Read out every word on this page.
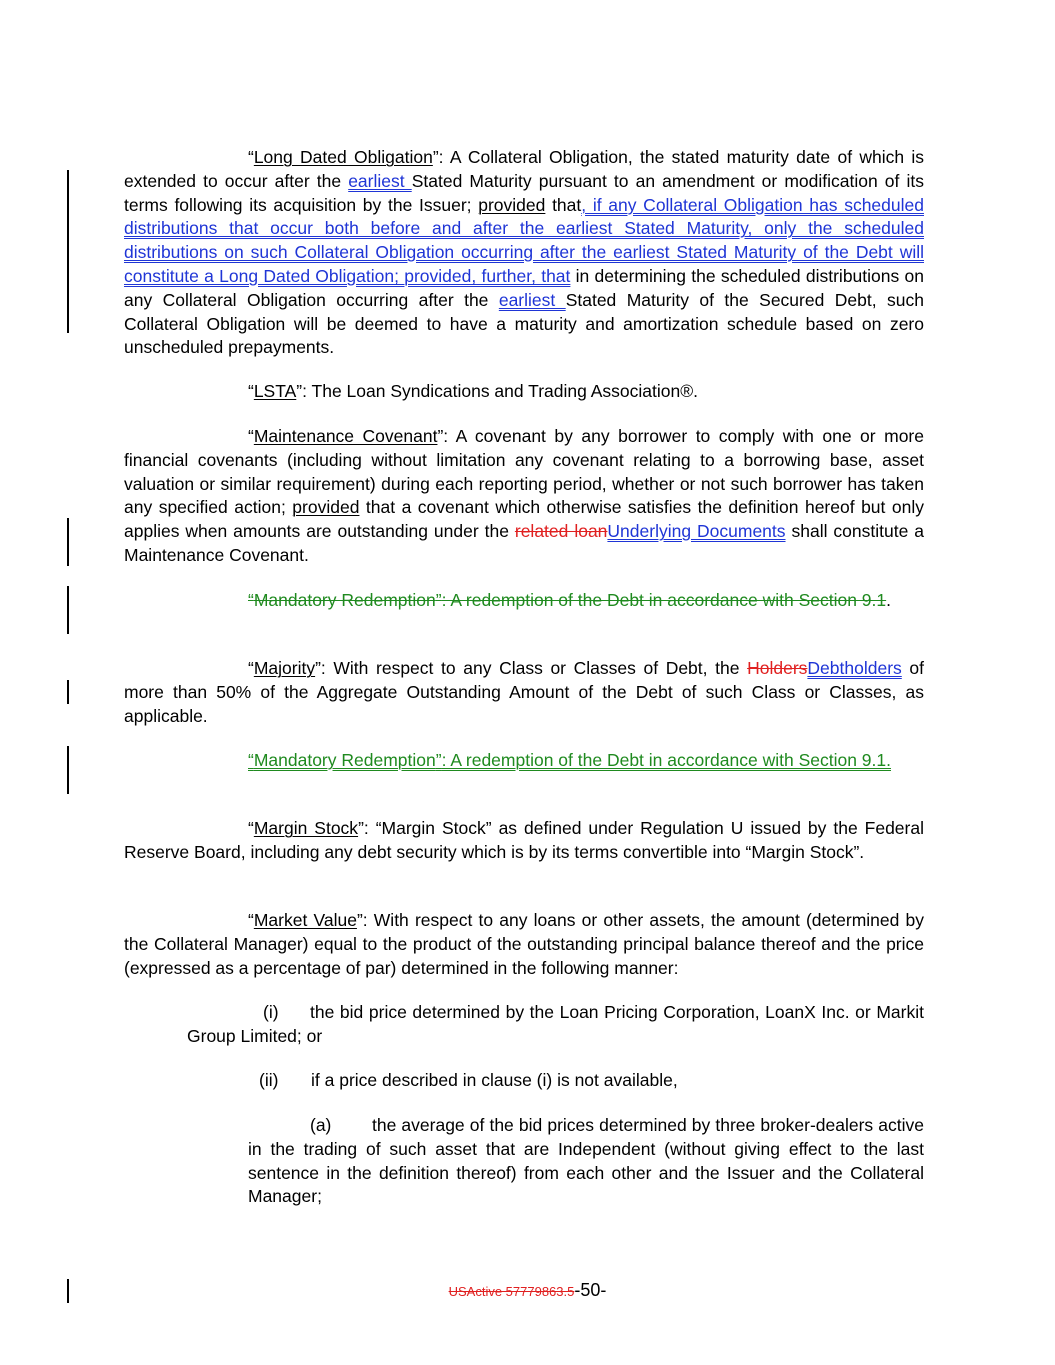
“Long Dated Obligation”: A Collateral Obligation, the stated maturity date of which is extended to occur after the earliest Stated Maturity pursuant to an amendment or modification of its terms following its acquisition by the Issuer; provided that, if any Collateral Obligation has scheduled distributions that occur both before and after the earliest Stated Maturity, only the scheduled distributions on such Collateral Obligation occurring after the earliest Stated Maturity of the Debt will constitute a Long Dated Obligation; provided, further, that in determining the scheduled distributions on any Collateral Obligation occurring after the earliest Stated Maturity of the Secured Debt, such Collateral Obligation will be deemed to have a maturity and amortization schedule based on zero unscheduled prepayments.

“LSTA”: The Loan Syndications and Trading Association®.

“Maintenance Covenant”: A covenant by any borrower to comply with one or more financial covenants (including without limitation any covenant relating to a borrowing base, asset valuation or similar requirement) during each reporting period, whether or not such borrower has taken any specified action; provided that a covenant which otherwise satisfies the definition hereof but only applies when amounts are outstanding under the related loanUnderlying Documents shall constitute a Maintenance Covenant.

“Mandatory Redemption”: A redemption of the Debt in accordance with Section 9.1.

“Majority”: With respect to any Class or Classes of Debt, the HoldersDebtholders of more than 50% of the Aggregate Outstanding Amount of the Debt of such Class or Classes, as applicable.

“Mandatory Redemption”: A redemption of the Debt in accordance with Section 9.1.

“Margin Stock”: “Margin Stock” as defined under Regulation U issued by the Federal Reserve Board, including any debt security which is by its terms convertible into “Margin Stock”.

“Market Value”: With respect to any loans or other assets, the amount (determined by the Collateral Manager) equal to the product of the outstanding principal balance thereof and the price (expressed as a percentage of par) determined in the following manner:

(i) the bid price determined by the Loan Pricing Corporation, LoanX Inc. or Markit Group Limited; or

(ii) if a price described in clause (i) is not available,

(a) the average of the bid prices determined by three broker-dealers active in the trading of such asset that are Independent (without giving effect to the last sentence in the definition thereof) from each other and the Issuer and the Collateral Manager;

USActive 57779863.5-50-
